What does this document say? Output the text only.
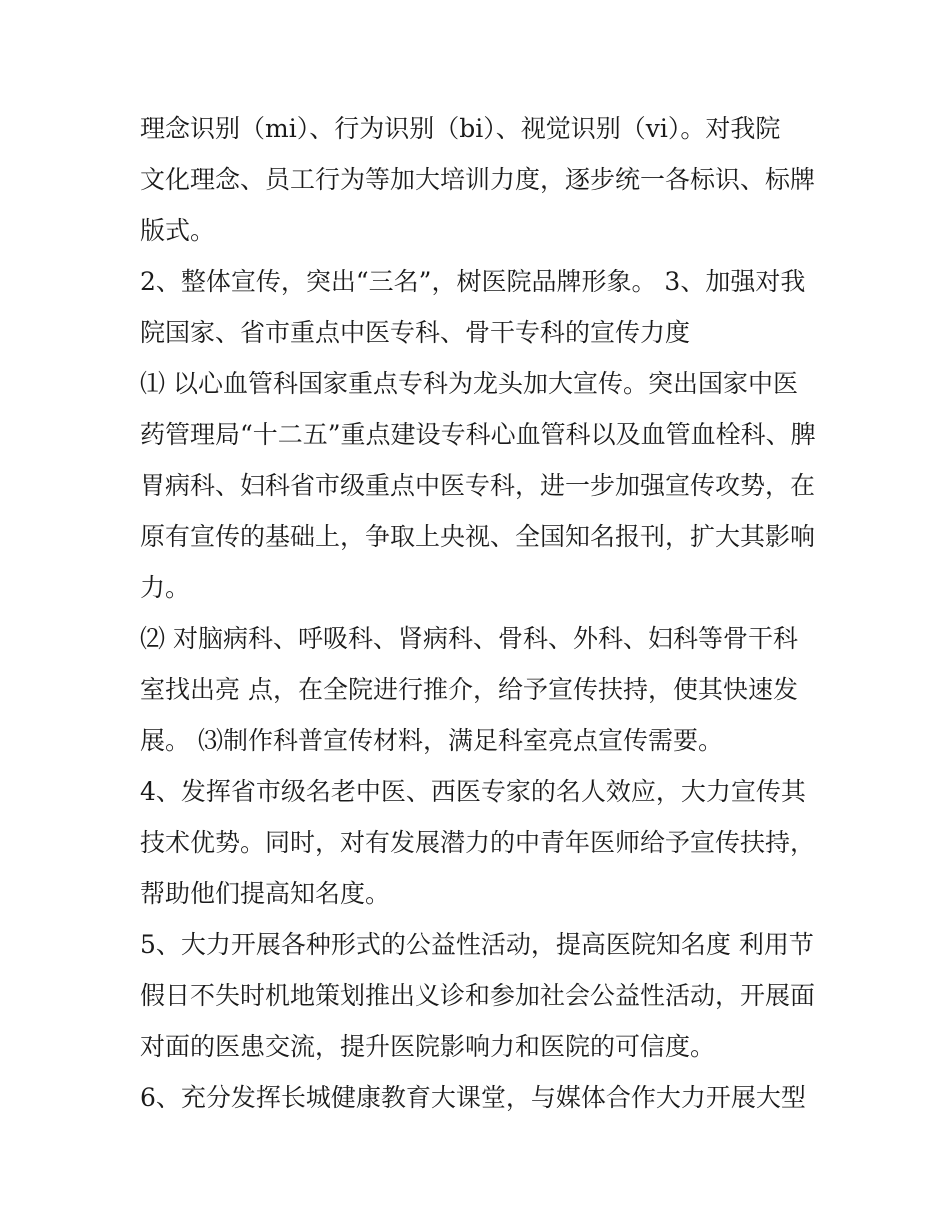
理念识别（mi）、行为识别（bi）、视觉识别（vi）。对我院
文化理念、员工行为等加大培训力度，逐步统一各标识、标牌
版式。
2、整体宣传，突出“三名”，树医院品牌形象。 3、加强对我
院国家、省市重点中医专科、骨干专科的宣传力度
⑴ 以心血管科国家重点专科为龙头加大宣传。突出国家中医
药管理局“十二五”重点建设专科心血管科以及血管血栓科、脾
胃病科、妇科省市级重点中医专科，进一步加强宣传攻势，在
原有宣传的基础上，争取上央视、全国知名报刊，扩大其影响
力。
⑵ 对脑病科、呼吸科、肾病科、骨科、外科、妇科等骨干科
室找出亮 点，在全院进行推介，给予宣传扶持，使其快速发
展。 ⑶制作科普宣传材料，满足科室亮点宣传需要。
4、发挥省市级名老中医、西医专家的名人效应，大力宣传其
技术优势。同时，对有发展潜力的中青年医师给予宣传扶持，
帮助他们提高知名度。
5、大力开展各种形式的公益性活动，提高医院知名度 利用节
假日不失时机地策划推出义诊和参加社会公益性活动，开展面
对面的医患交流，提升医院影响力和医院的可信度。
6、充分发挥长城健康教育大课堂，与媒体合作大力开展大型
